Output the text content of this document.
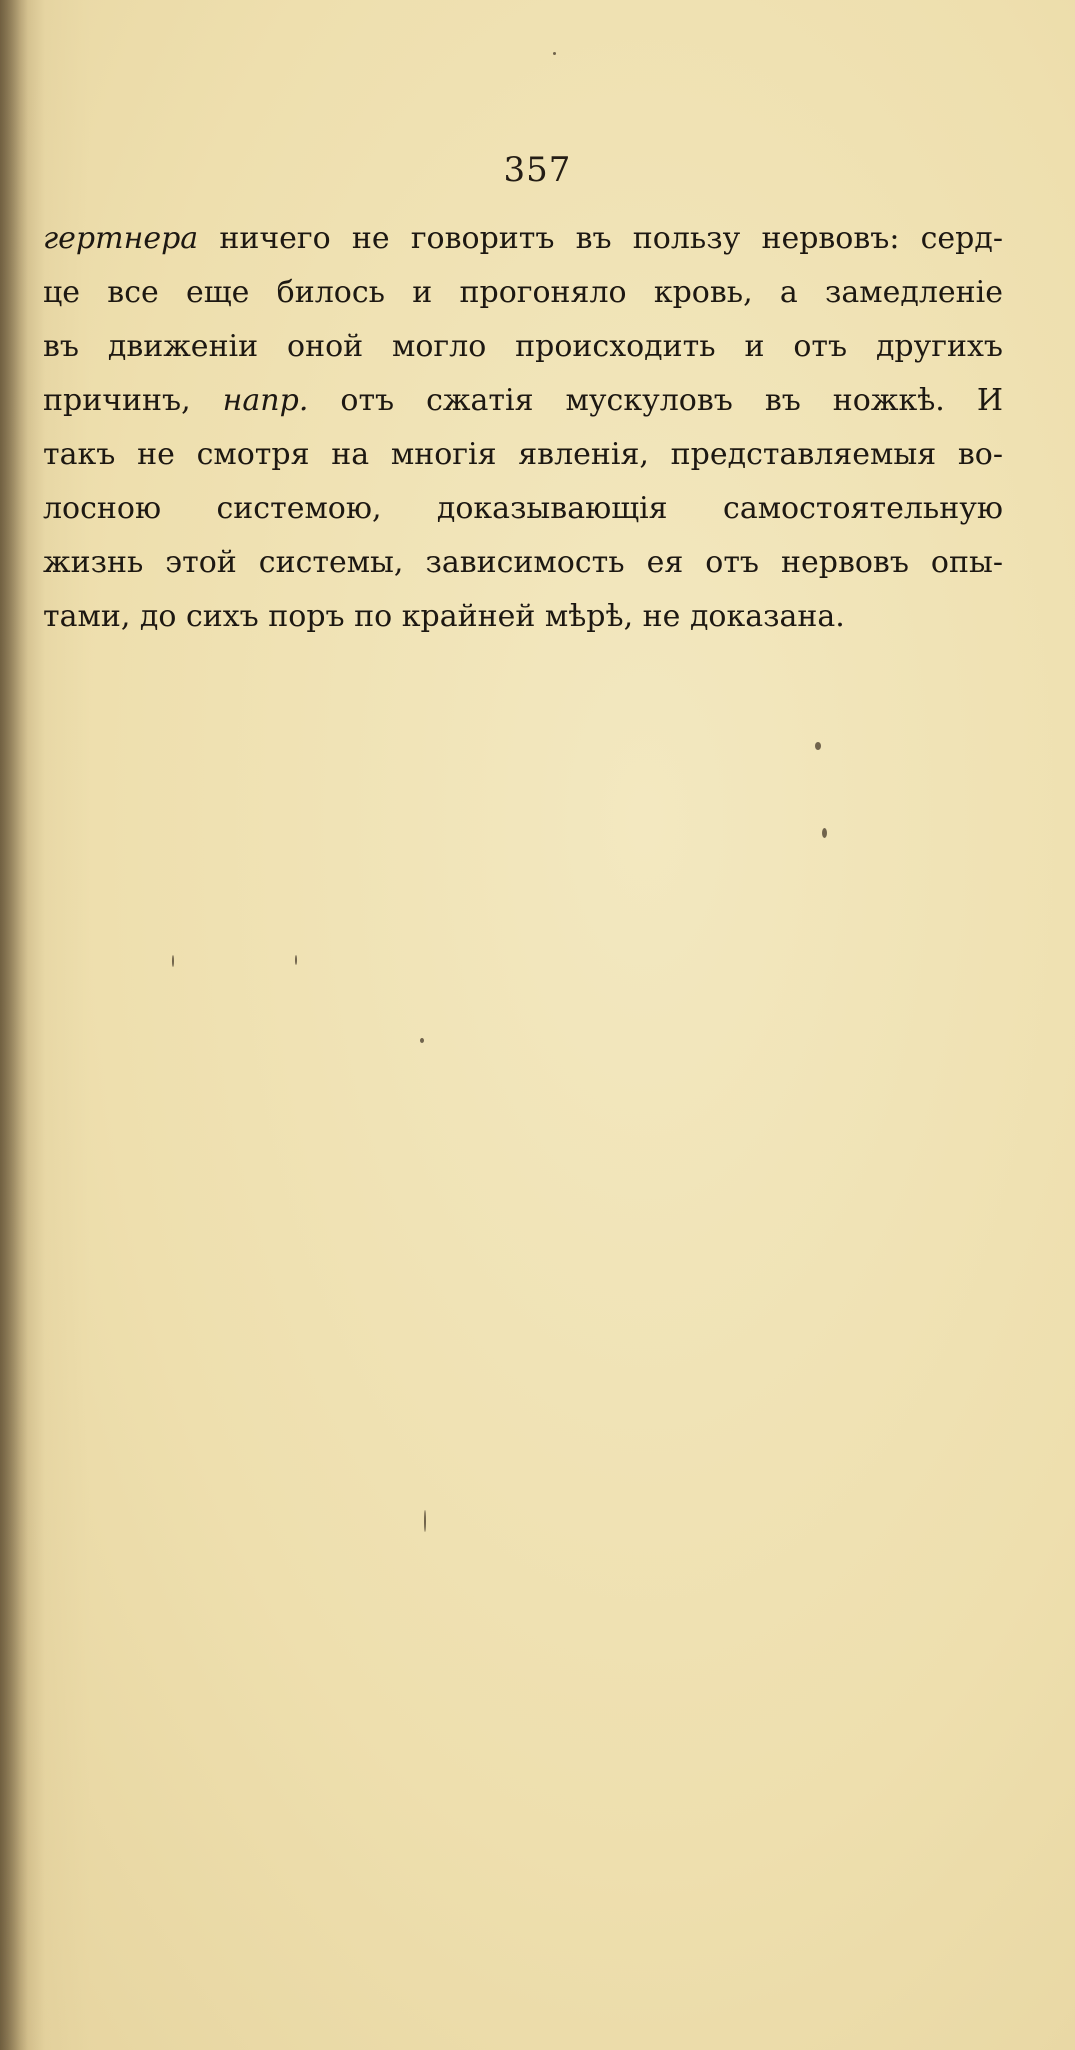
357
гертнера ничего не говоритъ въ пользу нервовъ: серд-
це все еще билось и прогоняло кровь, а замедленіе
въ движеніи оной могло происходить и отъ другихъ
причинъ, напр. отъ сжатія мускуловъ въ ножкѣ. И
такъ не смотря на многія явленія, представляемыя во-
лосною системою, доказывающія самостоятельную
жизнь этой системы, зависимость ея отъ нервовъ опы-
тами, до сихъ поръ по крайней мѣрѣ, не доказана.
